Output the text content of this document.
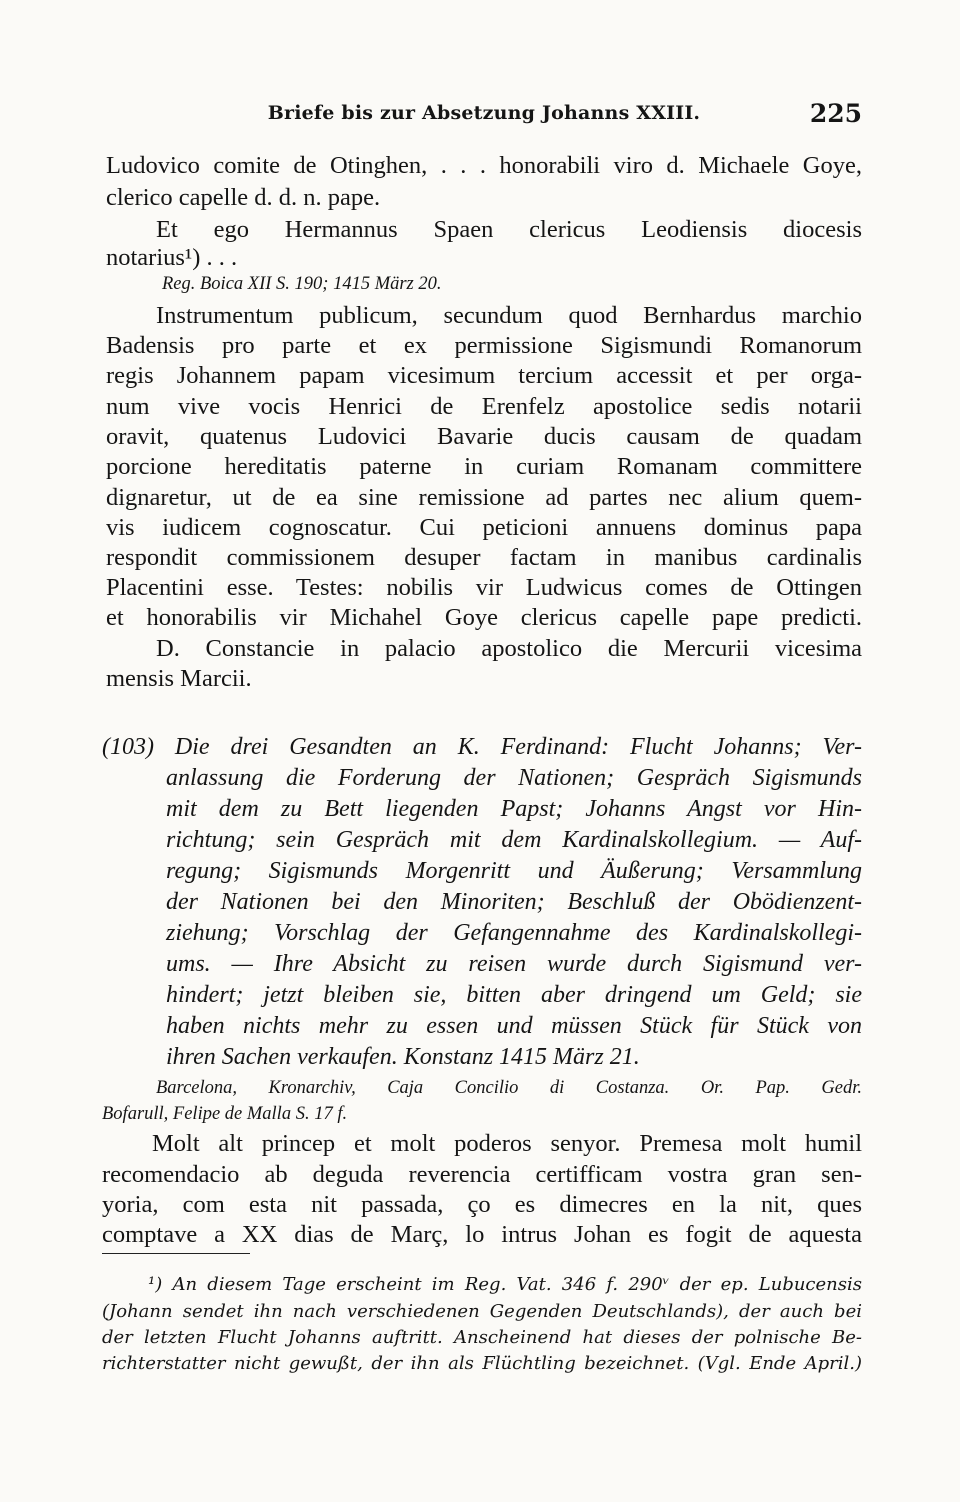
Briefe bis zur Absetzung Johanns XXIII.	225
Ludovico comite de Otinghen, . . . honorabili viro d. Michaele Goye,
clerico capelle d. d. n. pape.
Et ego Hermannus Spaen clericus Leodiensis diocesis
notarius¹) . . .
Reg. Boica XII S. 190; 1415 März 20.
Instrumentum publicum, secundum quod Bernhardus marchio
Badensis pro parte et ex permissione Sigismundi Romanorum
regis Johannem papam vicesimum tercium accessit et per orga-
num vive vocis Henrici de Erenfelz apostolice sedis notarii
oravit, quatenus Ludovici Bavarie ducis causam de quadam
porcione hereditatis paterne in curiam Romanam committere
dignaretur, ut de ea sine remissione ad partes nec alium quem-
vis iudicem cognoscatur. Cui peticioni annuens dominus papa
respondit commissionem desuper factam in manibus cardinalis
Placentini esse. Testes: nobilis vir Ludwicus comes de Ottingen
et honorabilis vir Michahel Goye clericus capelle pape predicti.
D. Constancie in palacio apostolico die Mercurii vicesima
mensis Marcii.
(103) Die drei Gesandten an K. Ferdinand: Flucht Johanns; Ver-
anlassung die Forderung der Nationen; Gespräch Sigismunds
mit dem zu Bett liegenden Papst; Johanns Angst vor Hin-
richtung; sein Gespräch mit dem Kardinalskollegium. — Auf-
regung; Sigismunds Morgenritt und Äußerung; Versammlung
der Nationen bei den Minoriten; Beschluß der Obödienzent-
ziehung; Vorschlag der Gefangennahme des Kardinalskollegi-
ums. — Ihre Absicht zu reisen wurde durch Sigismund ver-
hindert; jetzt bleiben sie, bitten aber dringend um Geld; sie
haben nichts mehr zu essen und müssen Stück für Stück von
ihren Sachen verkaufen. Konstanz 1415 März 21.
Barcelona, Kronarchiv, Caja Concilio di Costanza. Or. Pap. Gedr.
Bofarull, Felipe de Malla S. 17 f.
Molt alt princep et molt poderos senyor. Premesa molt humil
recomendacio ab deguda reverencia certifficam vostra gran sen-
yoria, com esta nit passada, ço es dimecres en la nit, ques
comptave a XX dias de Març, lo intrus Johan es fogit de aquesta
¹) An diesem Tage erscheint im Reg. Vat. 346 f. 290ᵛ der ep. Lubucensis
(Johann sendet ihn nach verschiedenen Gegenden Deutschlands), der auch bei
der letzten Flucht Johanns auftritt. Anscheinend hat dieses der polnische Be-
richterstatter nicht gewußt, der ihn als Flüchtling bezeichnet. (Vgl. Ende April.)
